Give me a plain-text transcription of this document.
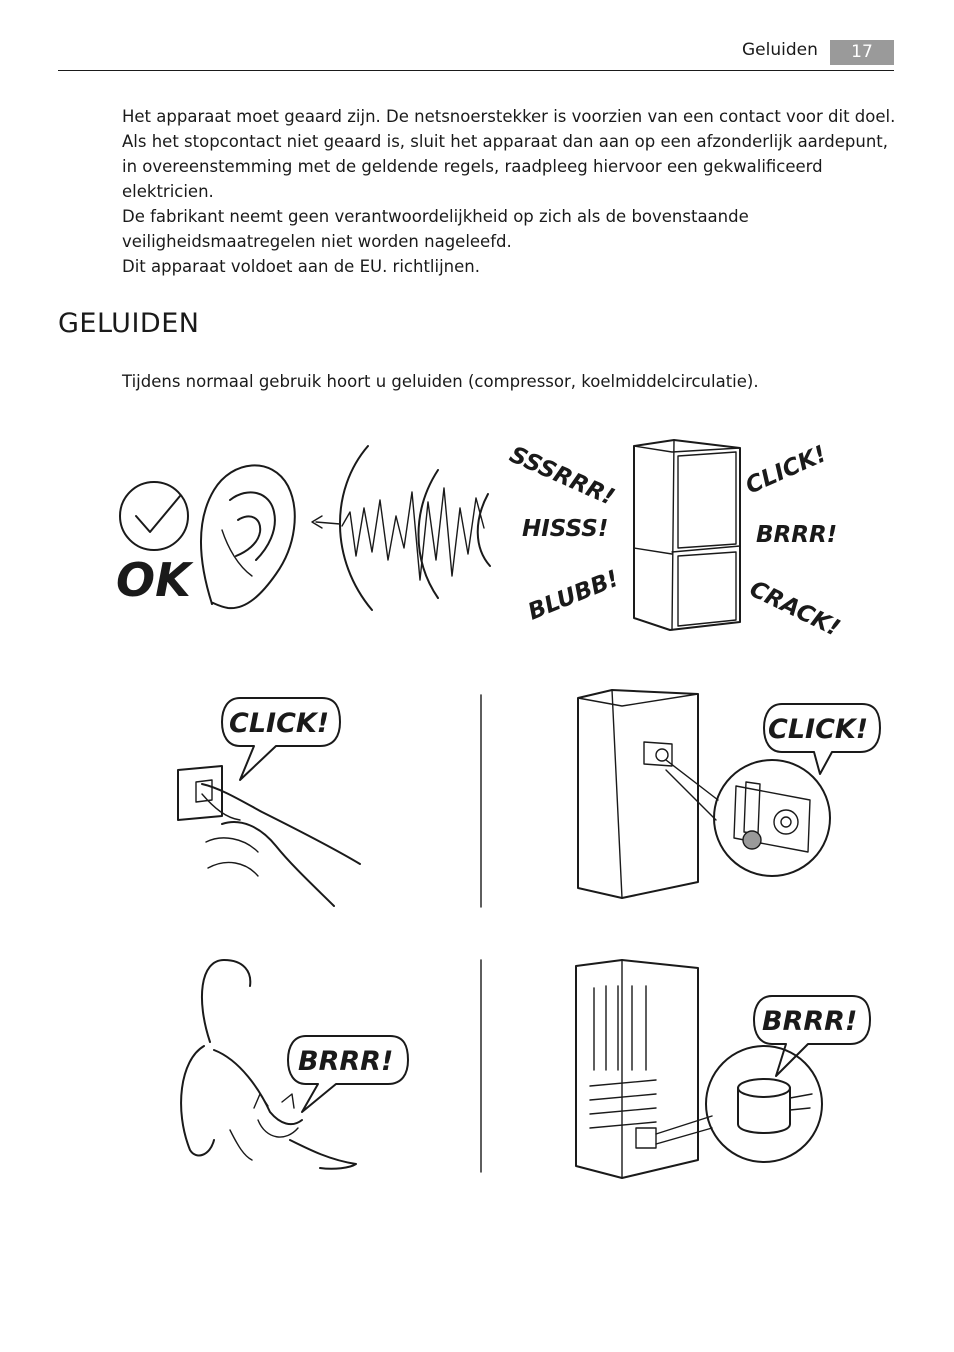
Geluiden	17

Het apparaat moet geaard zijn. De netsnoerstekker is voorzien van een contact voor dit doel. Als het stopcontact niet geaard is, sluit het apparaat dan aan op een afzonderlijk aardepunt, in overeenstemming met de geldende regels, raadpleeg hiervoor een gekwalificeerd elektricien.

De fabrikant neemt geen verantwoordelijkheid op zich als de bovenstaande veiligheidsmaatregelen niet worden nageleefd.

Dit apparaat voldoet aan de EU. richtlijnen.

GELUIDEN
Tijdens normaal gebruik hoort u geluiden (compressor, koelmiddelcirculatie).
OK
SSSRRR!
HISSS!
BLUBB!
CLICK!
BRRR!
CRACK!
CLICK!	CLICK!
BRRR!
BRRR!
